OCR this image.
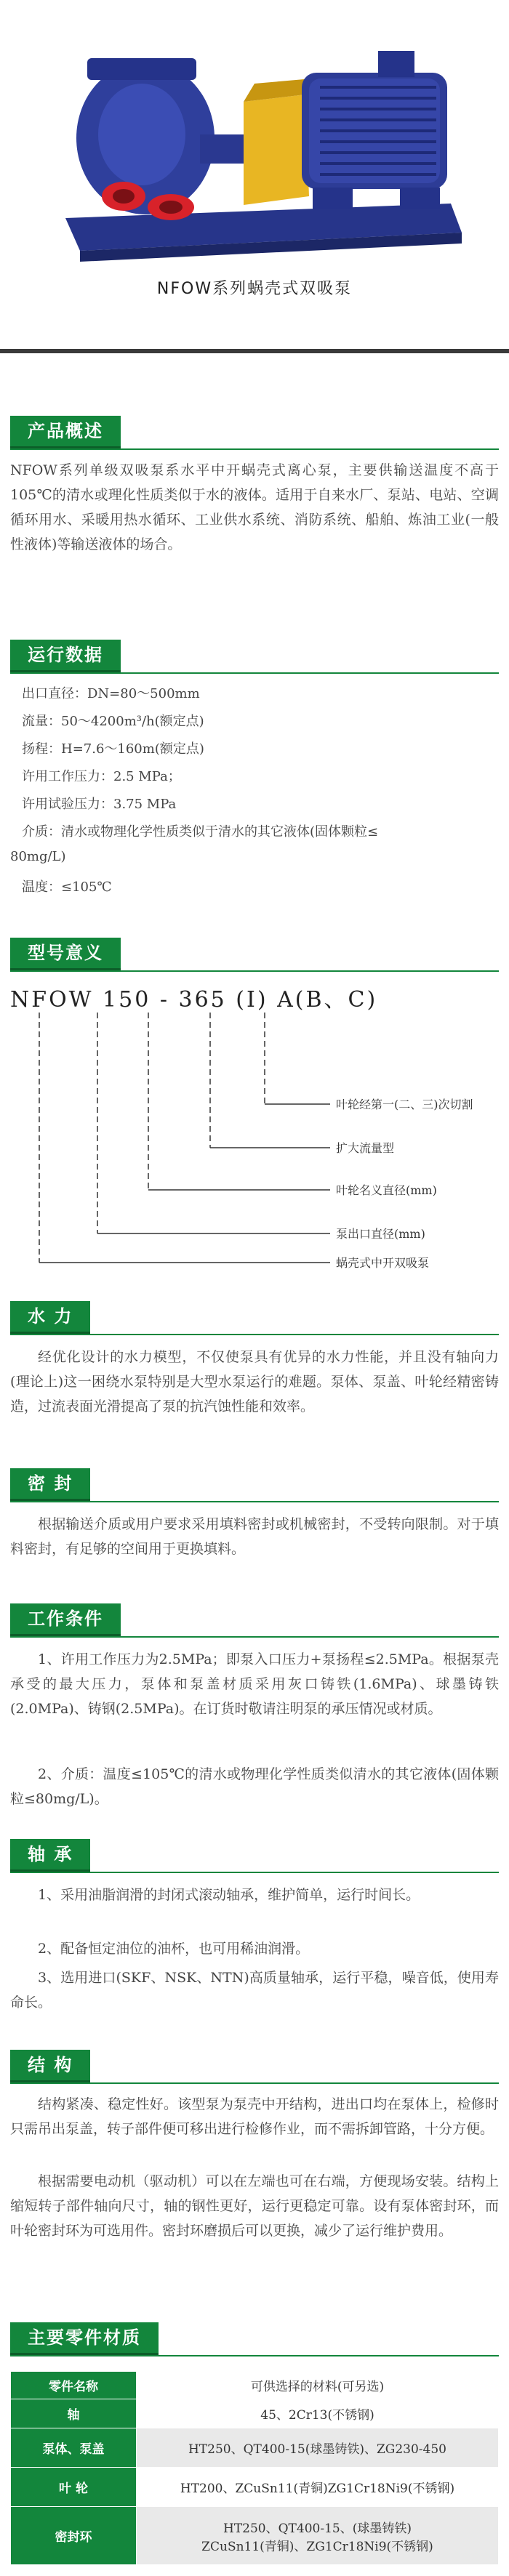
NFOW系列蜗壳式双吸泵
产品概述

NFOW系列单级双吸泵系水平中开蜗壳式离心泵，主要供输送温度不高于105℃的清水或理化性质类似于水的液体。适用于自来水厂、泵站、电站、空调循环用水、采暖用热水循环、工业供水系统、消防系统、船舶、炼油工业(一般性液体)等输送液体的场合。

运行数据
出口直径：DN=80～500mm
流量：50～4200m³/h(额定点)
扬程：H=7.6～160m(额定点)
许用工作压力：2.5 MPa；
许用试验压力：3.75 MPa
介质：清水或物理化学性质类似于清水的其它液体(固体颗粒≤
80mg/L)
温度：≤105℃
型号意义
NFOW 150 - 365 (I) A(B、C)
叶轮经第一(二、三)次切割
扩大流量型
叶轮名义直径(mm)
泵出口直径(mm)
蜗壳式中开双吸泵
水 力

经优化设计的水力模型，不仅使泵具有优异的水力性能，并且没有轴向力(理论上)这一困绕水泵特别是大型水泵运行的难题。泵体、泵盖、叶轮经精密铸造，过流表面光滑提高了泵的抗汽蚀性能和效率。

密 封

根据输送介质或用户要求采用填料密封或机械密封，不受转向限制。对于填料密封，有足够的空间用于更换填料。

工作条件

1、许用工作压力为2.5MPa；即泵入口压力+泵扬程≤2.5MPa。根据泵壳承受的最大压力，泵体和泵盖材质采用灰口铸铁(1.6MPa)、球墨铸铁(2.0MPa)、铸钢(2.5MPa)。在订货时敬请注明泵的承压情况或材质。

2、介质：温度≤105℃的清水或物理化学性质类似清水的其它液体(固体颗粒≤80mg/L)。

轴 承

1、采用油脂润滑的封闭式滚动轴承，维护简单，运行时间长。

2、配备恒定油位的油杯，也可用稀油润滑。

3、选用进口(SKF、NSK、NTN)高质量轴承，运行平稳，噪音低，使用寿命长。

结 构

结构紧凑、稳定性好。该型泵为泵壳中开结构，进出口均在泵体上，检修时只需吊出泵盖，转子部件便可移出进行检修作业，而不需拆卸管路，十分方便。

根据需要电动机（驱动机）可以在左端也可在右端，方便现场安装。结构上缩短转子部件轴向尺寸，轴的钢性更好，运行更稳定可靠。设有泵体密封环，而叶轮密封环为可选用件。密封环磨损后可以更换，减少了运行维护费用。

主要零件材质
零件名称	可供选择的材料(可另选)
轴	45、2Cr13(不锈钢)
泵体、泵盖	HT250、QT400-15(球墨铸铁)、ZG230-450
叶 轮	HT200、ZCuSn11(青铜)ZG1Cr18Ni9(不锈钢)
密封环	HT250、QT400-15、(球墨铸铁)
ZCuSn11(青铜)、ZG1Cr18Ni9(不锈钢)
